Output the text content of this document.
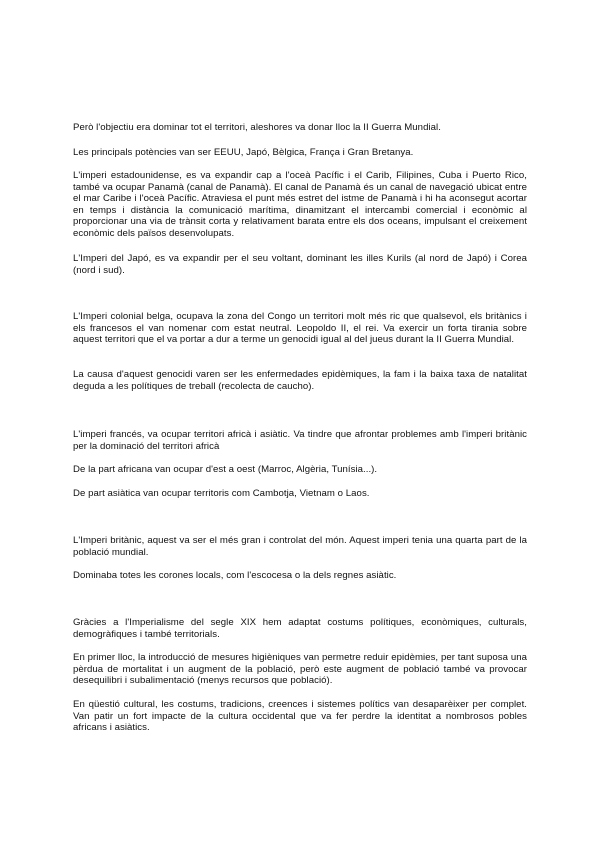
Però l'objectiu era dominar tot el territori, aleshores va donar lloc la II Guerra Mundial.

Les principals potències van ser EEUU, Japó, Bèlgica, França i Gran Bretanya.

L'imperi estadounidense, es va expandir cap a l'oceà Pacífic i el Carib, Filipines, Cuba i Puerto Rico, també va ocupar Panamà (canal de Panamà). El canal de Panamà és un canal de navegació ubicat entre el mar Caribe i l'oceà Pacífic. Atraviesa el punt més estret del istme de Panamà i hi ha aconsegut acortar en temps i distància la comunicació marítima, dinamitzant el intercambi comercial i econòmic al proporcionar una via de trànsit corta y relativament barata entre els dos oceans, impulsant el creixement econòmic dels països desenvolupats.

L'Imperi del Japó, es va expandir per el seu voltant, dominant les illes Kurils (al nord de Japó) i Corea (nord i sud).

L'Imperi colonial belga, ocupava la zona del Congo un territori molt més ric que qualsevol, els britànics i els francesos el van nomenar com estat neutral. Leopoldo II, el rei. Va exercir un forta tirania sobre aquest territori que el va portar a dur a terme un genocidi igual al del jueus durant la II Guerra Mundial.

La causa d'aquest genocidi varen ser les enfermedades epidèmiques, la fam i la baixa taxa de natalitat deguda a les polítiques de treball (recolecta de caucho).

L'imperi francés, va ocupar territori africà i asiàtic. Va tindre que afrontar problemes amb l'imperi britànic per la dominació del territori africà

De la part africana van ocupar d'est a oest (Marroc, Algèria, Tunísia...).

De part asiàtica van ocupar territoris com Cambotja, Vietnam o Laos.

L'Imperi britànic, aquest va ser el més gran i controlat del món. Aquest imperi tenia una quarta part de la població mundial.

Dominaba totes les corones locals, com l'escocesa o la dels regnes asiàtic.

Gràcies a l'Imperialisme del segle XIX hem adaptat costums polítiques, econòmiques, culturals, demogràfiques i també territorials.

En primer lloc, la introducció de mesures higièniques van permetre reduir epidèmies, per tant suposa una pèrdua de mortalitat i un augment de la població, però este augment de població també va provocar desequilibri i subalimentació (menys recursos que població).

En qüestió cultural, les costums, tradicions, creences i sistemes polítics van desaparèixer per complet. Van patir un fort impacte de la cultura occidental que va fer perdre la identitat a nombrosos pobles africans i asiàtics.
